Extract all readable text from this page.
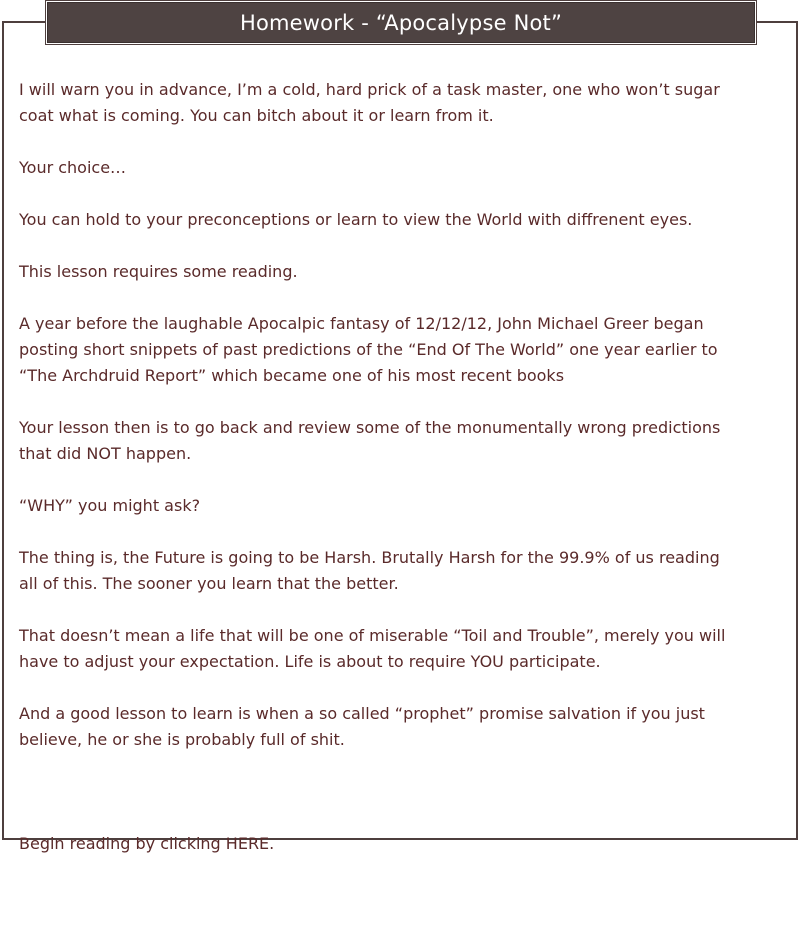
Homework - “Apocalypse Not”
I will warn you in advance, I’m a cold, hard prick of a task master, one who won’t sugar
coat what is coming. You can bitch about it or learn from it.
Your choice…
You can hold to your preconceptions or learn to view the World with diffrenent eyes.
This lesson requires some reading.
A year before the laughable Apocalpic fantasy of 12/12/12, John Michael Greer began
posting short snippets of past predictions of the “End Of The World” one year earlier to
“The Archdruid Report” which became one of his most recent books
Your lesson then is to go back and review some of the monumentally wrong predictions
that did NOT happen.
“WHY” you might ask?
The thing is, the Future is going to be Harsh. Brutally Harsh for the 99.9% of us reading
all of this. The sooner you learn that the better.
That doesn’t mean a life that will be one of miserable “Toil and Trouble”, merely you will
have to adjust your expectation. Life is about to require YOU participate.
And a good lesson to learn is when a so called “prophet” promise salvation if you just
believe, he or she is probably full of shit.

Begin reading by clicking HERE.
